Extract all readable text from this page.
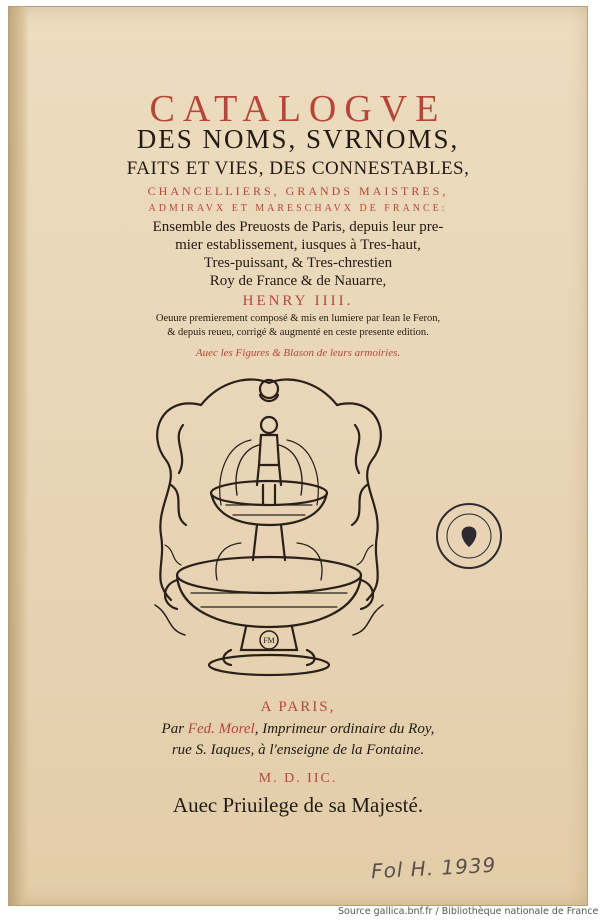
CATALOGVE
DES NOMS, SVRNOMS,
FAITS ET VIES, DES CONNESTABLES,
CHANCELLIERS, GRANDS MAISTRES,
ADMIRAVX ET MARESCHAVX DE FRANCE:
Ensemble des Preuosts de Paris, depuis leur pre-
mier establissement, iusques à Tres-haut,
Tres-puissant, & Tres-chrestien
Roy de France & de Nauarre,
HENRY IIII.
Oeuure premierement composé & mis en lumiere par Iean le Feron,
& depuis reueu, corrigé & augmenté en ceste presente edition.
Auec les Figures & Blason de leurs armoiries.
FM
A PARIS,
Par Fed. Morel, Imprimeur ordinaire du Roy,
rue S. Iaques, à l'enseigne de la Fontaine.
M. D. IIC.
Auec Priuilege de sa Majesté.
Fol H. 1939
Source gallica.bnf.fr / Bibliothèque nationale de France
